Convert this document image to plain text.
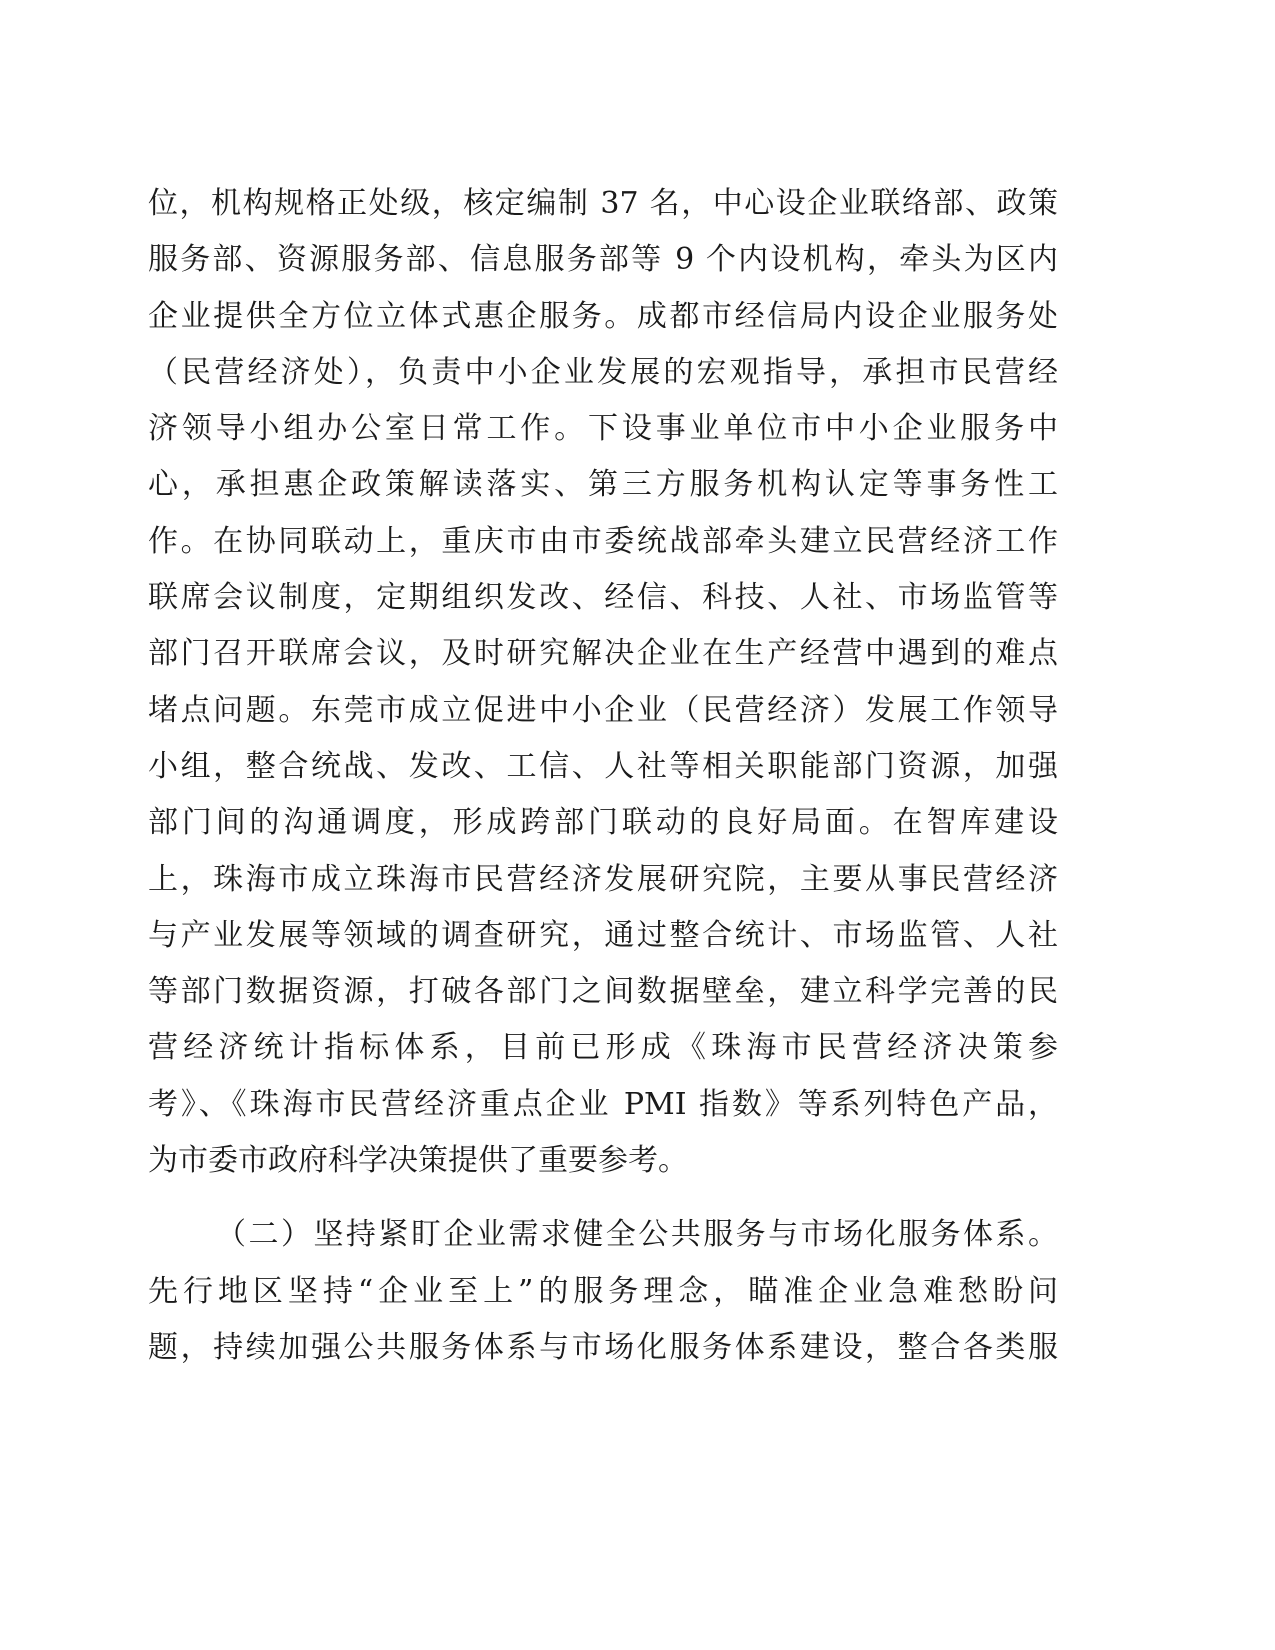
位，机构规格正处级，核定编制 37 名，中心设企业联络部、政策
服务部、资源服务部、信息服务部等 9 个内设机构，牵头为区内
企业提供全方位立体式惠企服务。成都市经信局内设企业服务处
（民营经济处），负责中小企业发展的宏观指导，承担市民营经
济领导小组办公室日常工作。下设事业单位市中小企业服务中
心，承担惠企政策解读落实、第三方服务机构认定等事务性工
作。在协同联动上，重庆市由市委统战部牵头建立民营经济工作
联席会议制度，定期组织发改、经信、科技、人社、市场监管等
部门召开联席会议，及时研究解决企业在生产经营中遇到的难点
堵点问题。东莞市成立促进中小企业（民营经济）发展工作领导
小组，整合统战、发改、工信、人社等相关职能部门资源，加强
部门间的沟通调度，形成跨部门联动的良好局面。在智库建设
上，珠海市成立珠海市民营经济发展研究院，主要从事民营经济
与产业发展等领域的调查研究，通过整合统计、市场监管、人社
等部门数据资源，打破各部门之间数据壁垒，建立科学完善的民
营经济统计指标体系，目前已形成《珠海市民营经济决策参
考》、《珠海市民营经济重点企业 PMI 指数》等系列特色产品，
为市委市政府科学决策提供了重要参考。
（二）坚持紧盯企业需求健全公共服务与市场化服务体系。
先行地区坚持“企业至上”的服务理念，瞄准企业急难愁盼问
题，持续加强公共服务体系与市场化服务体系建设，整合各类服
